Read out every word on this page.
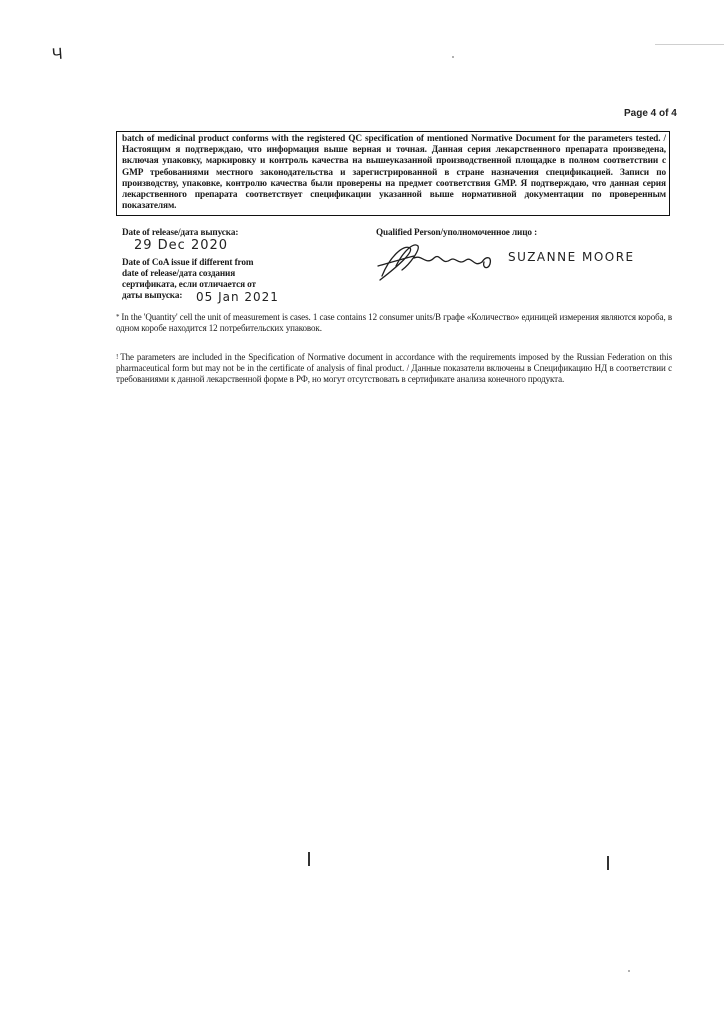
Ч
Page 4 of 4

batch of medicinal product conforms with the registered QC specification of mentioned Normative Document for the parameters tested. / Настоящим я подтверждаю, что информация выше верная и точная. Данная серия лекарственного препарата произведена, включая упаковку, маркировку и контроль качества на вышеуказанной производственной площадке в полном соответствии с GMP требованиями местного законодательства и зарегистрированной в стране назначения спецификацией. Записи по производству, упаковке, контролю качества были проверены на предмет соответствия GMP. Я подтверждаю, что данная серия лекарственного препарата соответствует спецификации указанной выше нормативной документации по проверенным показателям.

Date of release/дата выпуска:
29 Dec 2020
Date of CoA issue if different from
date of release/дата создания
сертификата, если отличается от
даты выпуска: 05 Jan 2021
Qualified Person/уполномоченное лицо :
SUZANNE MOORE
* In the 'Quantity' cell the unit of measurement is cases. 1 case contains 12 consumer units/В графе «Количество» единицей измерения являются короба, в одном коробе находится 12 потребительских упаковок.
! The parameters are included in the Specification of Normative document in accordance with the requirements imposed by the Russian Federation on this pharmaceutical form but may not be in the certificate of analysis of final product. / Данные показатели включены в Спецификацию НД в соответствии с требованиями к данной лекарственной форме в РФ, но могут отсутствовать в сертификате анализа конечного продукта.
